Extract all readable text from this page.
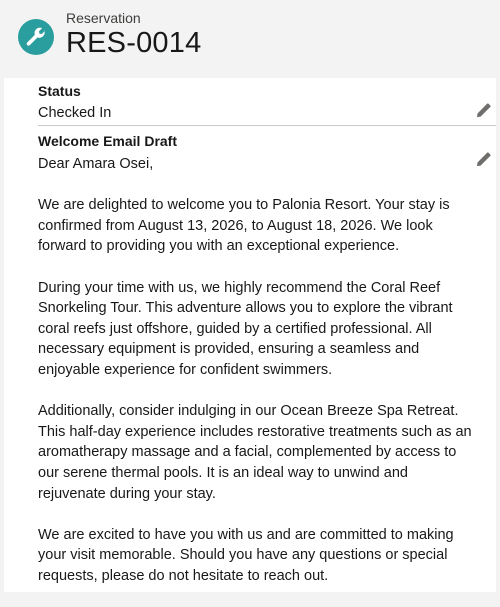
Reservation
RES-0014
Status
Checked In
Welcome Email Draft

Dear Amara Osei,

We are delighted to welcome you to Palonia Resort. Your stay is confirmed from August 13, 2026, to August 18, 2026. We look forward to providing you with an exceptional experience.

During your time with us, we highly recommend the Coral Reef Snorkeling Tour. This adventure allows you to explore the vibrant coral reefs just offshore, guided by a certified professional. All necessary equipment is provided, ensuring a seamless and enjoyable experience for confident swimmers.

Additionally, consider indulging in our Ocean Breeze Spa Retreat. This half-day experience includes restorative treatments such as an aromatherapy massage and a facial, complemented by access to our serene thermal pools. It is an ideal way to unwind and rejuvenate during your stay.

We are excited to have you with us and are committed to making your visit memorable. Should you have any questions or special requests, please do not hesitate to reach out.
